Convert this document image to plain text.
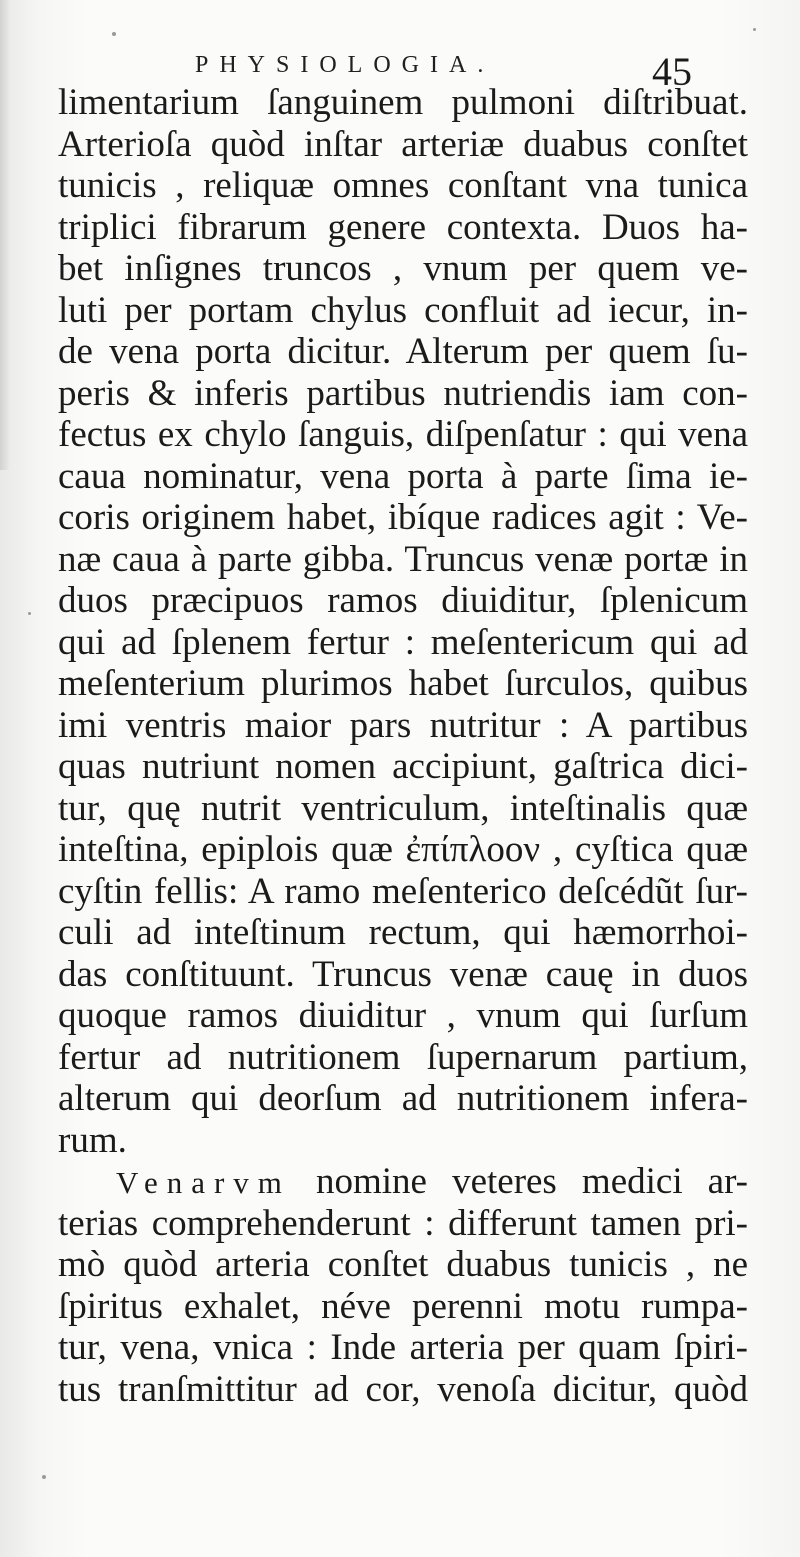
PHYSIOLOGIA.	45
limentarium ſanguinem pulmoni diſtribuat.
Arterioſa quòd inſtar arteriæ duabus conſtet
tunicis , reliquæ omnes conſtant vna tunica
triplici fibrarum genere contexta. Duos ha-
bet inſignes truncos , vnum per quem ve-
luti per portam chylus confluit ad iecur, in-
de vena porta dicitur. Alterum per quem ſu-
peris & inferis partibus nutriendis iam con-
fectus ex chylo ſanguis, diſpenſatur : qui vena
caua nominatur, vena porta à parte ſima ie-
coris originem habet, ibíque radices agit : Ve-
næ caua à parte gibba. Truncus venæ portæ in
duos præcipuos ramos diuiditur, ſplenicum
qui ad ſplenem fertur : meſentericum qui ad
meſenterium plurimos habet ſurculos, quibus
imi ventris maior pars nutritur : A partibus
quas nutriunt nomen accipiunt, gaſtrica dici-
tur, quę nutrit ventriculum, inteſtinalis quæ
inteſtina, epiplois quæ ἐπίπλοον , cyſtica quæ
cyſtin fellis: A ramo meſenterico deſcédũt ſur-
culi ad inteſtinum rectum, qui hæmorrhoi-
das conſtituunt. Truncus venæ cauę in duos
quoque ramos diuiditur , vnum qui ſurſum
fertur ad nutritionem ſupernarum partium,
alterum qui deorſum ad nutritionem infera-
rum.
Venarvm nomine veteres medici ar-
terias comprehenderunt : differunt tamen pri-
mò quòd arteria conſtet duabus tunicis , ne
ſpiritus exhalet, néve perenni motu rumpa-
tur, vena, vnica : Inde arteria per quam ſpiri-
tus tranſmittitur ad cor, venoſa dicitur, quòd
